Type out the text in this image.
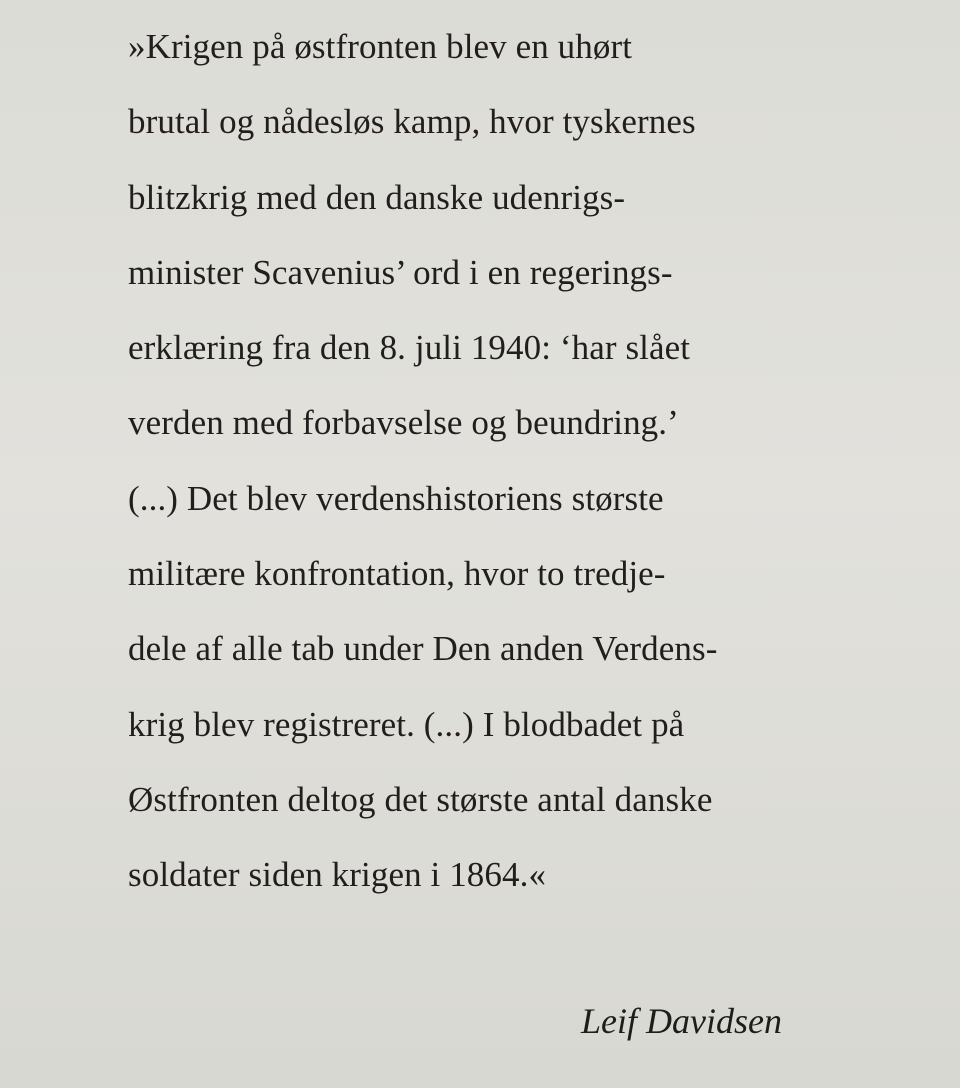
»Krigen på østfronten blev en uhørt
brutal og nådesløs kamp, hvor tyskernes
blitzkrig med den danske udenrigs-
minister Scavenius’ ord i en regerings-
erklæring fra den 8. juli 1940: ‘har slået
verden med forbavselse og beundring.’
(...) Det blev verdenshistoriens største
militære konfrontation, hvor to tredje-
dele af alle tab under Den anden Verdens-
krig blev registreret. (...) I blodbadet på
Østfronten deltog det største antal danske
soldater siden krigen i 1864.«
Leif Davidsen
